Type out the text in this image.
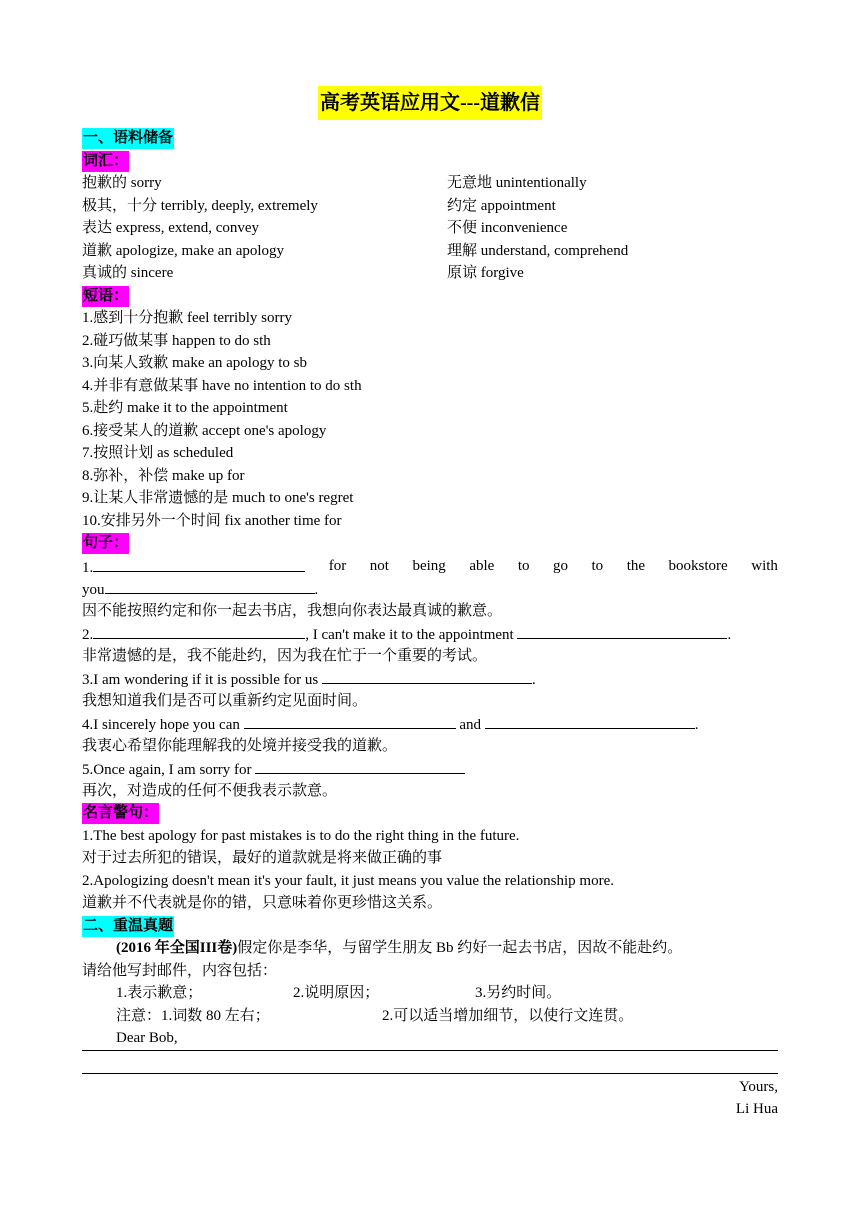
高考英语应用文---道歉信
一、语料储备
词汇：
抱歉的 sorry	无意地 unintentionally
极其，十分 terribly, deeply, extremely	约定 appointment
表达 express, extend, convey	不便 inconvenience
道歉 apologize, make an apology	理解 understand, comprehend
真诚的 sincere	原谅 forgive
短语：
1.感到十分抱歉 feel terribly sorry
2.碰巧做某事 happen to do sth
3.向某人致歉 make an apology to sb
4.并非有意做某事 have no intention to do sth
5.赴约 make it to the appointment
6.接受某人的道歉 accept one's apology
7.按照计划 as scheduled
8.弥补，补偿 make up for
9.让某人非常遗憾的是 much to one's regret
10.安排另外一个时间 fix another time for
句子：
1.	for not being able to go to the bookstore with
you	.
因不能按照约定和你一起去书店，我想向你表达最真诚的歉意。
2.	, I can't make it to the appointment	.
非常遗憾的是，我不能赴约，因为我在忙于一个重要的考试。
3.I am wondering if it is possible for us	.
我想知道我们是否可以重新约定见面时间。
4.I sincerely hope you can	and	.
我衷心希望你能理解我的处境并接受我的道歉。
5.Once again, I am sorry for
再次，对造成的任何不便我表示款意。
名言警句：
1.The best apology for past mistakes is to do the right thing in the future.
对于过去所犯的错误，最好的道款就是将来做正确的事
2.Apologizing doesn't mean it's your fault, it just means you value the relationship more.
道歉并不代表就是你的错，只意味着你更珍惜这关系。
二、重温真题
(2016 年全国III卷)假定你是李华，与留学生朋友 Bb 约好一起去书店，因故不能赴约。
请给他写封邮件，内容包括：
1.表示歉意；	2.说明原因；	3.另约时间。
注意：1.词数 80 左右；	2.可以适当增加细节，以使行文连贯。
Dear Bob,
Yours,
Li Hua
